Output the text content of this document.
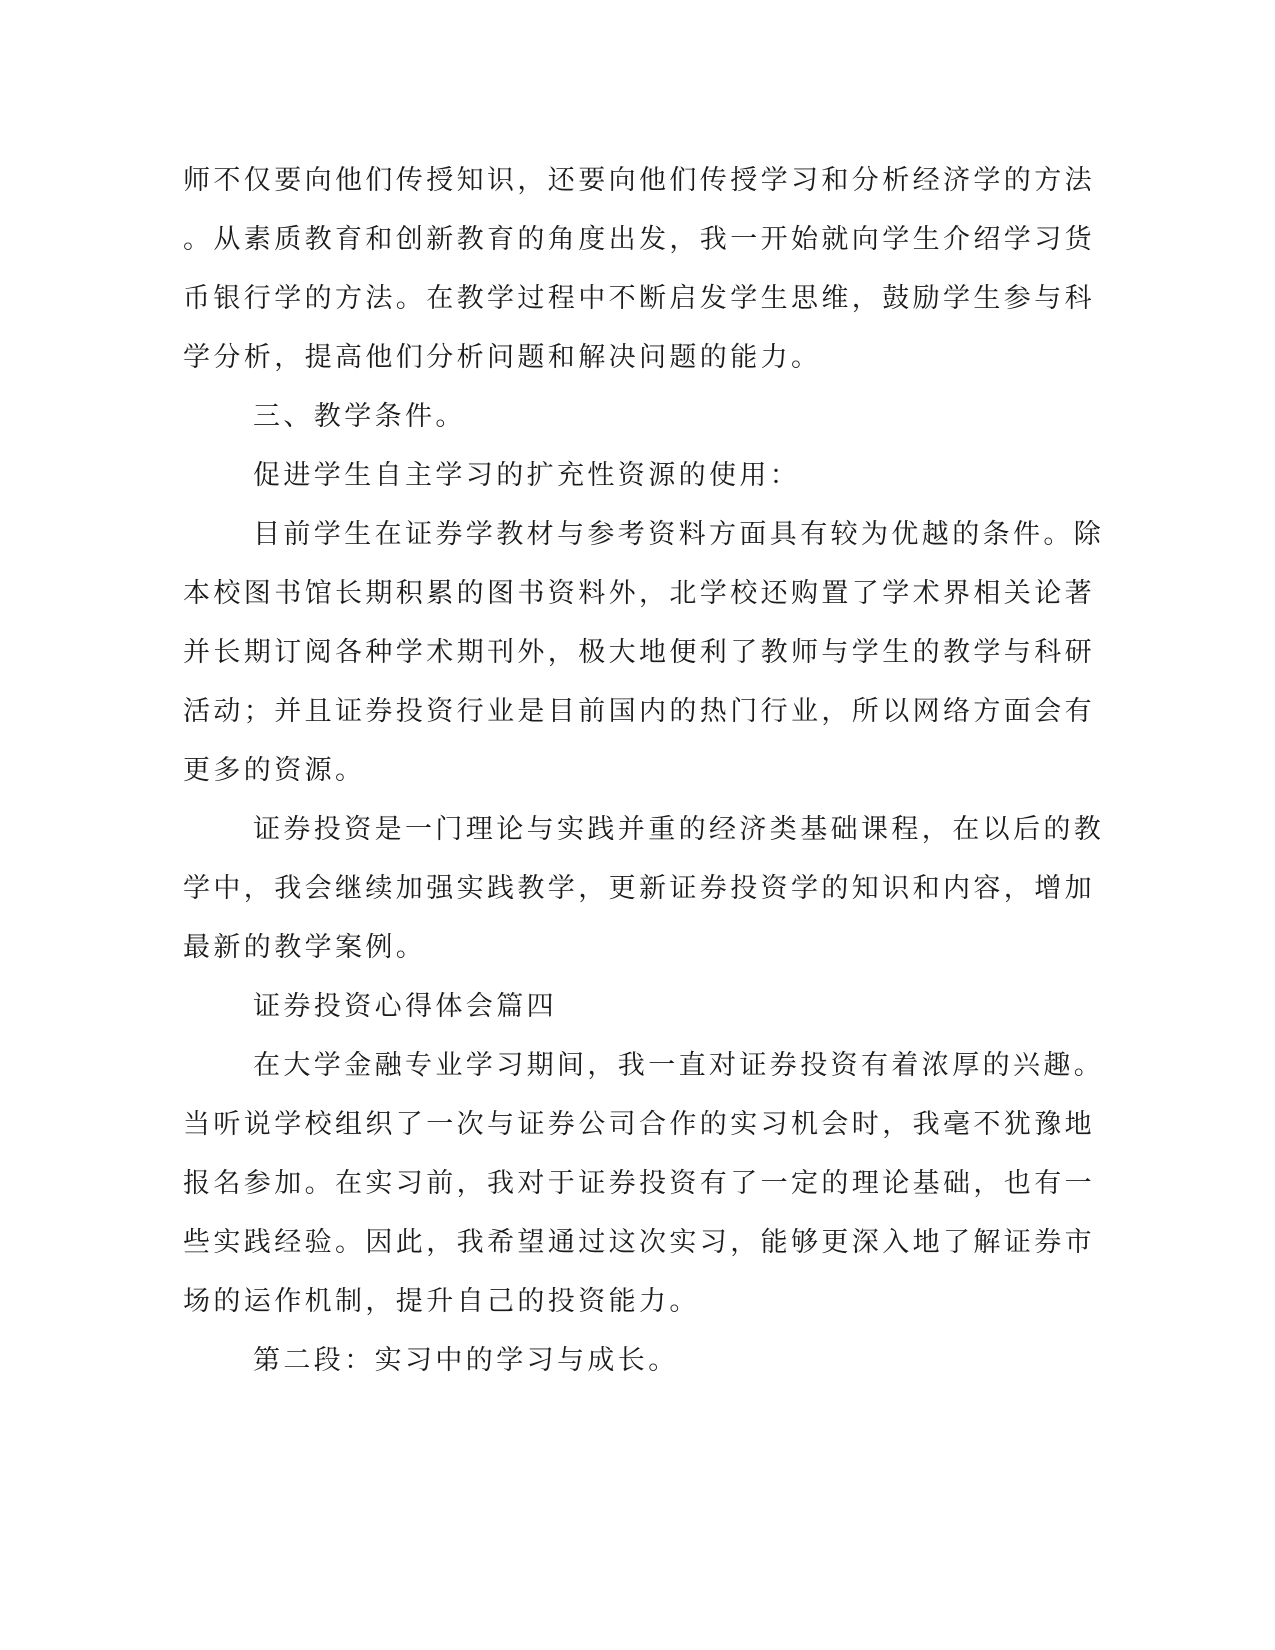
师不仅要向他们传授知识，还要向他们传授学习和分析经济学的方法
。从素质教育和创新教育的角度出发，我一开始就向学生介绍学习货
币银行学的方法。在教学过程中不断启发学生思维，鼓励学生参与科
学分析，提高他们分析问题和解决问题的能力。
三、教学条件。
促进学生自主学习的扩充性资源的使用：
目前学生在证券学教材与参考资料方面具有较为优越的条件。除
本校图书馆长期积累的图书资料外，北学校还购置了学术界相关论著
并长期订阅各种学术期刊外，极大地便利了教师与学生的教学与科研
活动；并且证券投资行业是目前国内的热门行业，所以网络方面会有
更多的资源。
证券投资是一门理论与实践并重的经济类基础课程，在以后的教
学中，我会继续加强实践教学，更新证券投资学的知识和内容，增加
最新的教学案例。
证券投资心得体会篇四
在大学金融专业学习期间，我一直对证券投资有着浓厚的兴趣。
当听说学校组织了一次与证券公司合作的实习机会时，我毫不犹豫地
报名参加。在实习前，我对于证券投资有了一定的理论基础，也有一
些实践经验。因此，我希望通过这次实习，能够更深入地了解证券市
场的运作机制，提升自己的投资能力。
第二段：实习中的学习与成长。
